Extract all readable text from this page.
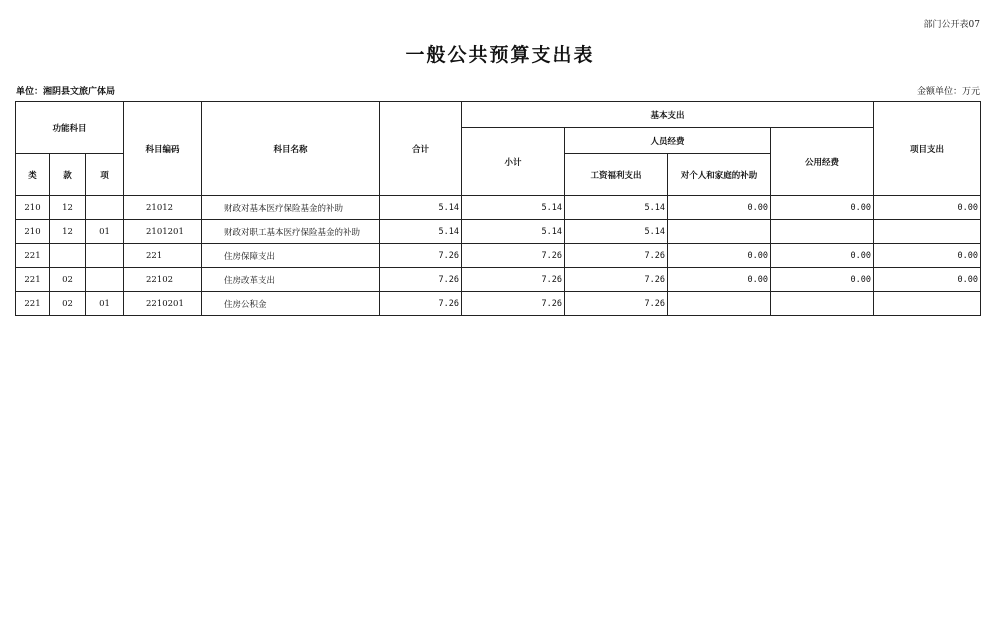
部门公开表07
一般公共预算支出表
单位：湘阴县文旅广体局	金额单位：万元
功能科目			科目编码	科目名称	合计	基本支出				项目支出
						小计	人员经费		公用经费	
类	款	项					工资福利支出	对个人和家庭的补助		
210	12		21012	财政对基本医疗保险基金的补助	5.14	5.14	5.14	0.00	0.00	0.00
210	12	01	2101201	财政对职工基本医疗保险基金的补助	5.14	5.14	5.14			
221			221	住房保障支出	7.26	7.26	7.26	0.00	0.00	0.00
221	02		22102	住房改革支出	7.26	7.26	7.26	0.00	0.00	0.00
221	02	01	2210201	住房公积金	7.26	7.26	7.26			
